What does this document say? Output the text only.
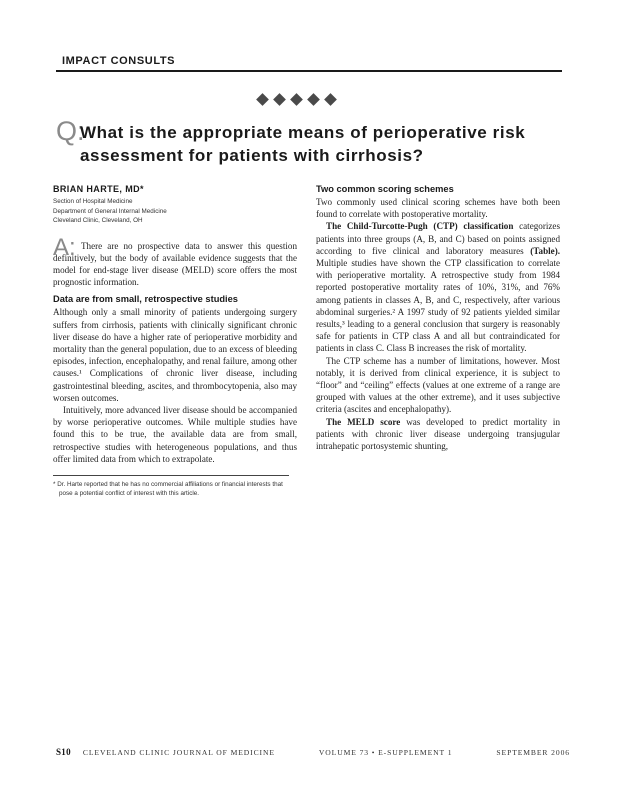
IMPACT CONSULTS
Q:
What is the appropriate means of perioperative risk assessment for patients with cirrhosis?
BRIAN HARTE, MD*
Section of Hospital Medicine
Department of General Internal Medicine
Cleveland Clinic, Cleveland, OH
A: There are no prospective data to answer this question definitively, but the body of available evidence suggests that the model for end-stage liver disease (MELD) score offers the most prognostic information.
Data are from small, retrospective studies

Although only a small minority of patients undergoing surgery suffers from cirrhosis, patients with clinically significant chronic liver disease do have a higher rate of perioperative morbidity and mortality than the general population, due to an excess of bleeding episodes, infection, encephalopathy, and renal failure, among other causes.¹ Complications of chronic liver disease, including gastrointestinal bleeding, ascites, and thrombocytopenia, also may worsen outcomes.

Intuitively, more advanced liver disease should be accompanied by worse perioperative outcomes. While multiple studies have found this to be true, the available data are from small, retrospective studies with heterogeneous populations, and thus offer limited data from which to extrapolate.

* Dr. Harte reported that he has no commercial affiliations or financial interests that pose a potential conflict of interest with this article.
Two common scoring schemes

Two commonly used clinical scoring schemes have both been found to correlate with postoperative mortality.

The Child-Turcotte-Pugh (CTP) classification categorizes patients into three groups (A, B, and C) based on points assigned according to five clinical and laboratory measures (Table). Multiple studies have shown the CTP classification to correlate with perioperative mortality. A retrospective study from 1984 reported postoperative mortality rates of 10%, 31%, and 76% among patients in classes A, B, and C, respectively, after various abdominal surgeries.² A 1997 study of 92 patients yielded similar results,³ leading to a general conclusion that surgery is reasonably safe for patients in CTP class A and all but contraindicated for patients in class C. Class B increases the risk of mortality.

The CTP scheme has a number of limitations, however. Most notably, it is derived from clinical experience, it is subject to “floor” and “ceiling” effects (values at one extreme of a range are grouped with values at the other extreme), and it uses subjective criteria (ascites and encephalopathy).

The MELD score was developed to predict mortality in patients with chronic liver disease undergoing transjugular intrahepatic portosystemic shunting,

S10 CLEVELAND CLINIC JOURNAL OF MEDICINE	VOLUME 73 • E-SUPPLEMENT 1	SEPTEMBER 2006
